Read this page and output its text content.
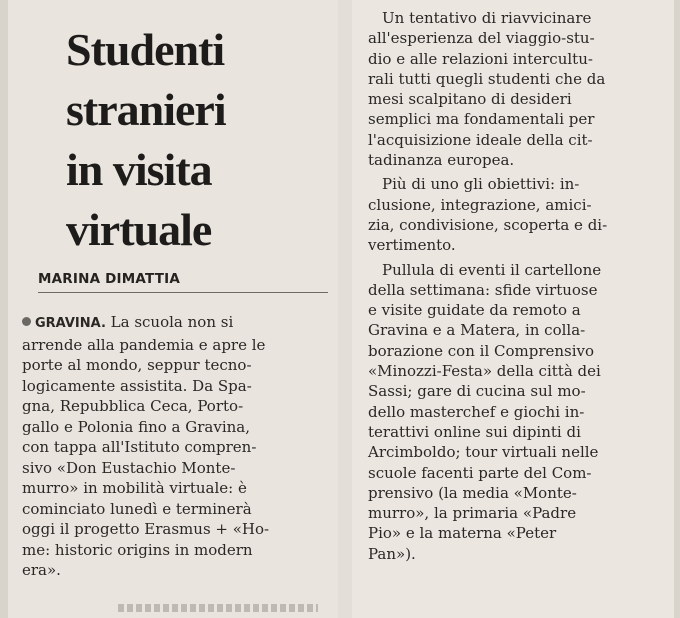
Studenti
stranieri
in visita
virtuale
MARINA DIMATTIA
GRAVINA. La scuola non si
arrende alla pandemia e apre le
porte al mondo, seppur tecno-
logicamente assistita. Da Spa-
gna, Repubblica Ceca, Porto-
gallo e Polonia fino a Gravina,
con tappa all'Istituto compren-
sivo «Don Eustachio Monte-
murro» in mobilità virtuale: è
cominciato lunedì e terminerà
oggi il progetto Erasmus + «Ho-
me: historic origins in modern
era».
Un tentativo di riavvicinare
all'esperienza del viaggio-stu-
dio e alle relazioni intercultu-
rali tutti quegli studenti che da
mesi scalpitano di desideri
semplici ma fondamentali per
l'acquisizione ideale della cit-
tadinanza europea.
Più di uno gli obiettivi: in-
clusione, integrazione, amici-
zia, condivisione, scoperta e di-
vertimento.
Pullula di eventi il cartellone
della settimana: sfide virtuose
e visite guidate da remoto a
Gravina e a Matera, in colla-
borazione con il Comprensivo
«Minozzi-Festa» della città dei
Sassi; gare di cucina sul mo-
dello masterchef e giochi in-
terattivi online sui dipinti di
Arcimboldo; tour virtuali nelle
scuole facenti parte del Com-
prensivo (la media «Monte-
murro», la primaria «Padre
Pio» e la materna «Peter
Pan»).
